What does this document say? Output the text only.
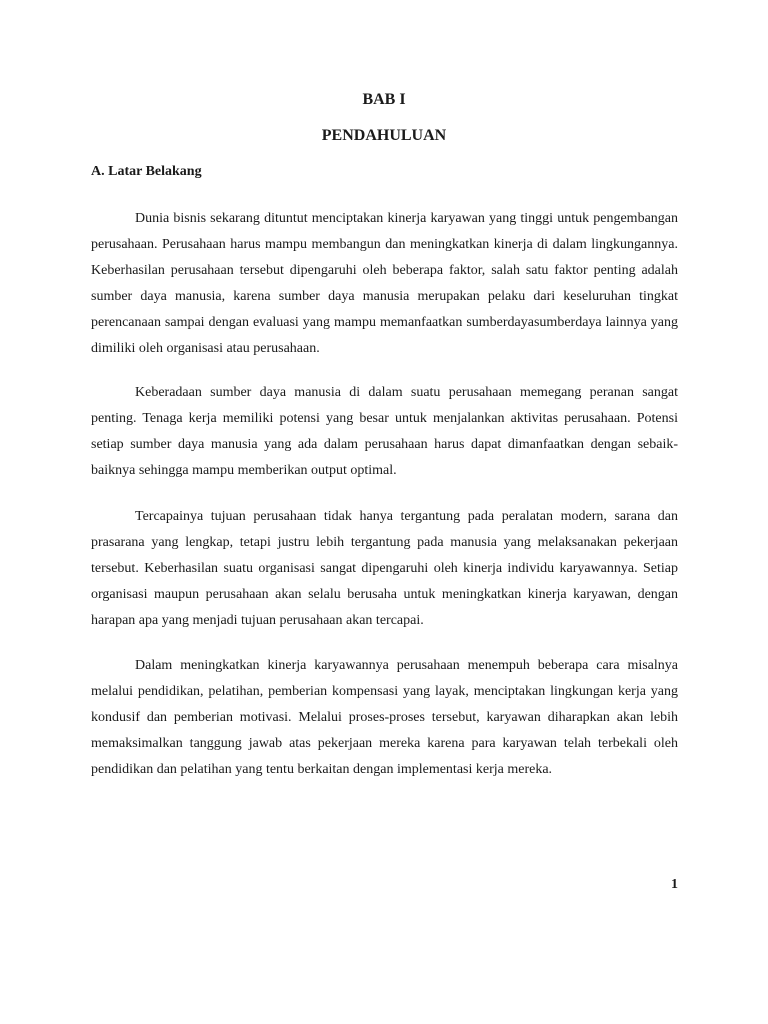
BAB I
PENDAHULUAN
A. Latar Belakang

Dunia bisnis sekarang dituntut menciptakan kinerja karyawan yang tinggi untuk pengembangan perusahaan. Perusahaan harus mampu membangun dan meningkatkan kinerja di dalam lingkungannya. Keberhasilan perusahaan tersebut dipengaruhi oleh beberapa faktor, salah satu faktor penting adalah sumber daya manusia, karena sumber daya manusia merupakan pelaku dari keseluruhan tingkat perencanaan sampai dengan evaluasi yang mampu memanfaatkan sumberdayasumberdaya lainnya yang dimiliki oleh organisasi atau perusahaan.

Keberadaan sumber daya manusia di dalam suatu perusahaan memegang peranan sangat penting. Tenaga kerja memiliki potensi yang besar untuk menjalankan aktivitas perusahaan. Potensi setiap sumber daya manusia yang ada dalam perusahaan harus dapat dimanfaatkan dengan sebaik-baiknya sehingga mampu memberikan output optimal.

Tercapainya tujuan perusahaan tidak hanya tergantung pada peralatan modern, sarana dan prasarana yang lengkap, tetapi justru lebih tergantung pada manusia yang melaksanakan pekerjaan tersebut. Keberhasilan suatu organisasi sangat dipengaruhi oleh kinerja individu karyawannya. Setiap organisasi maupun perusahaan akan selalu berusaha untuk meningkatkan kinerja karyawan, dengan harapan apa yang menjadi tujuan perusahaan akan tercapai.

Dalam meningkatkan kinerja karyawannya perusahaan menempuh beberapa cara misalnya melalui pendidikan, pelatihan, pemberian kompensasi yang layak, menciptakan lingkungan kerja yang kondusif dan pemberian motivasi. Melalui proses-proses tersebut, karyawan diharapkan akan lebih memaksimalkan tanggung jawab atas pekerjaan mereka karena para karyawan telah terbekali oleh pendidikan dan pelatihan yang tentu berkaitan dengan implementasi kerja mereka.

1
